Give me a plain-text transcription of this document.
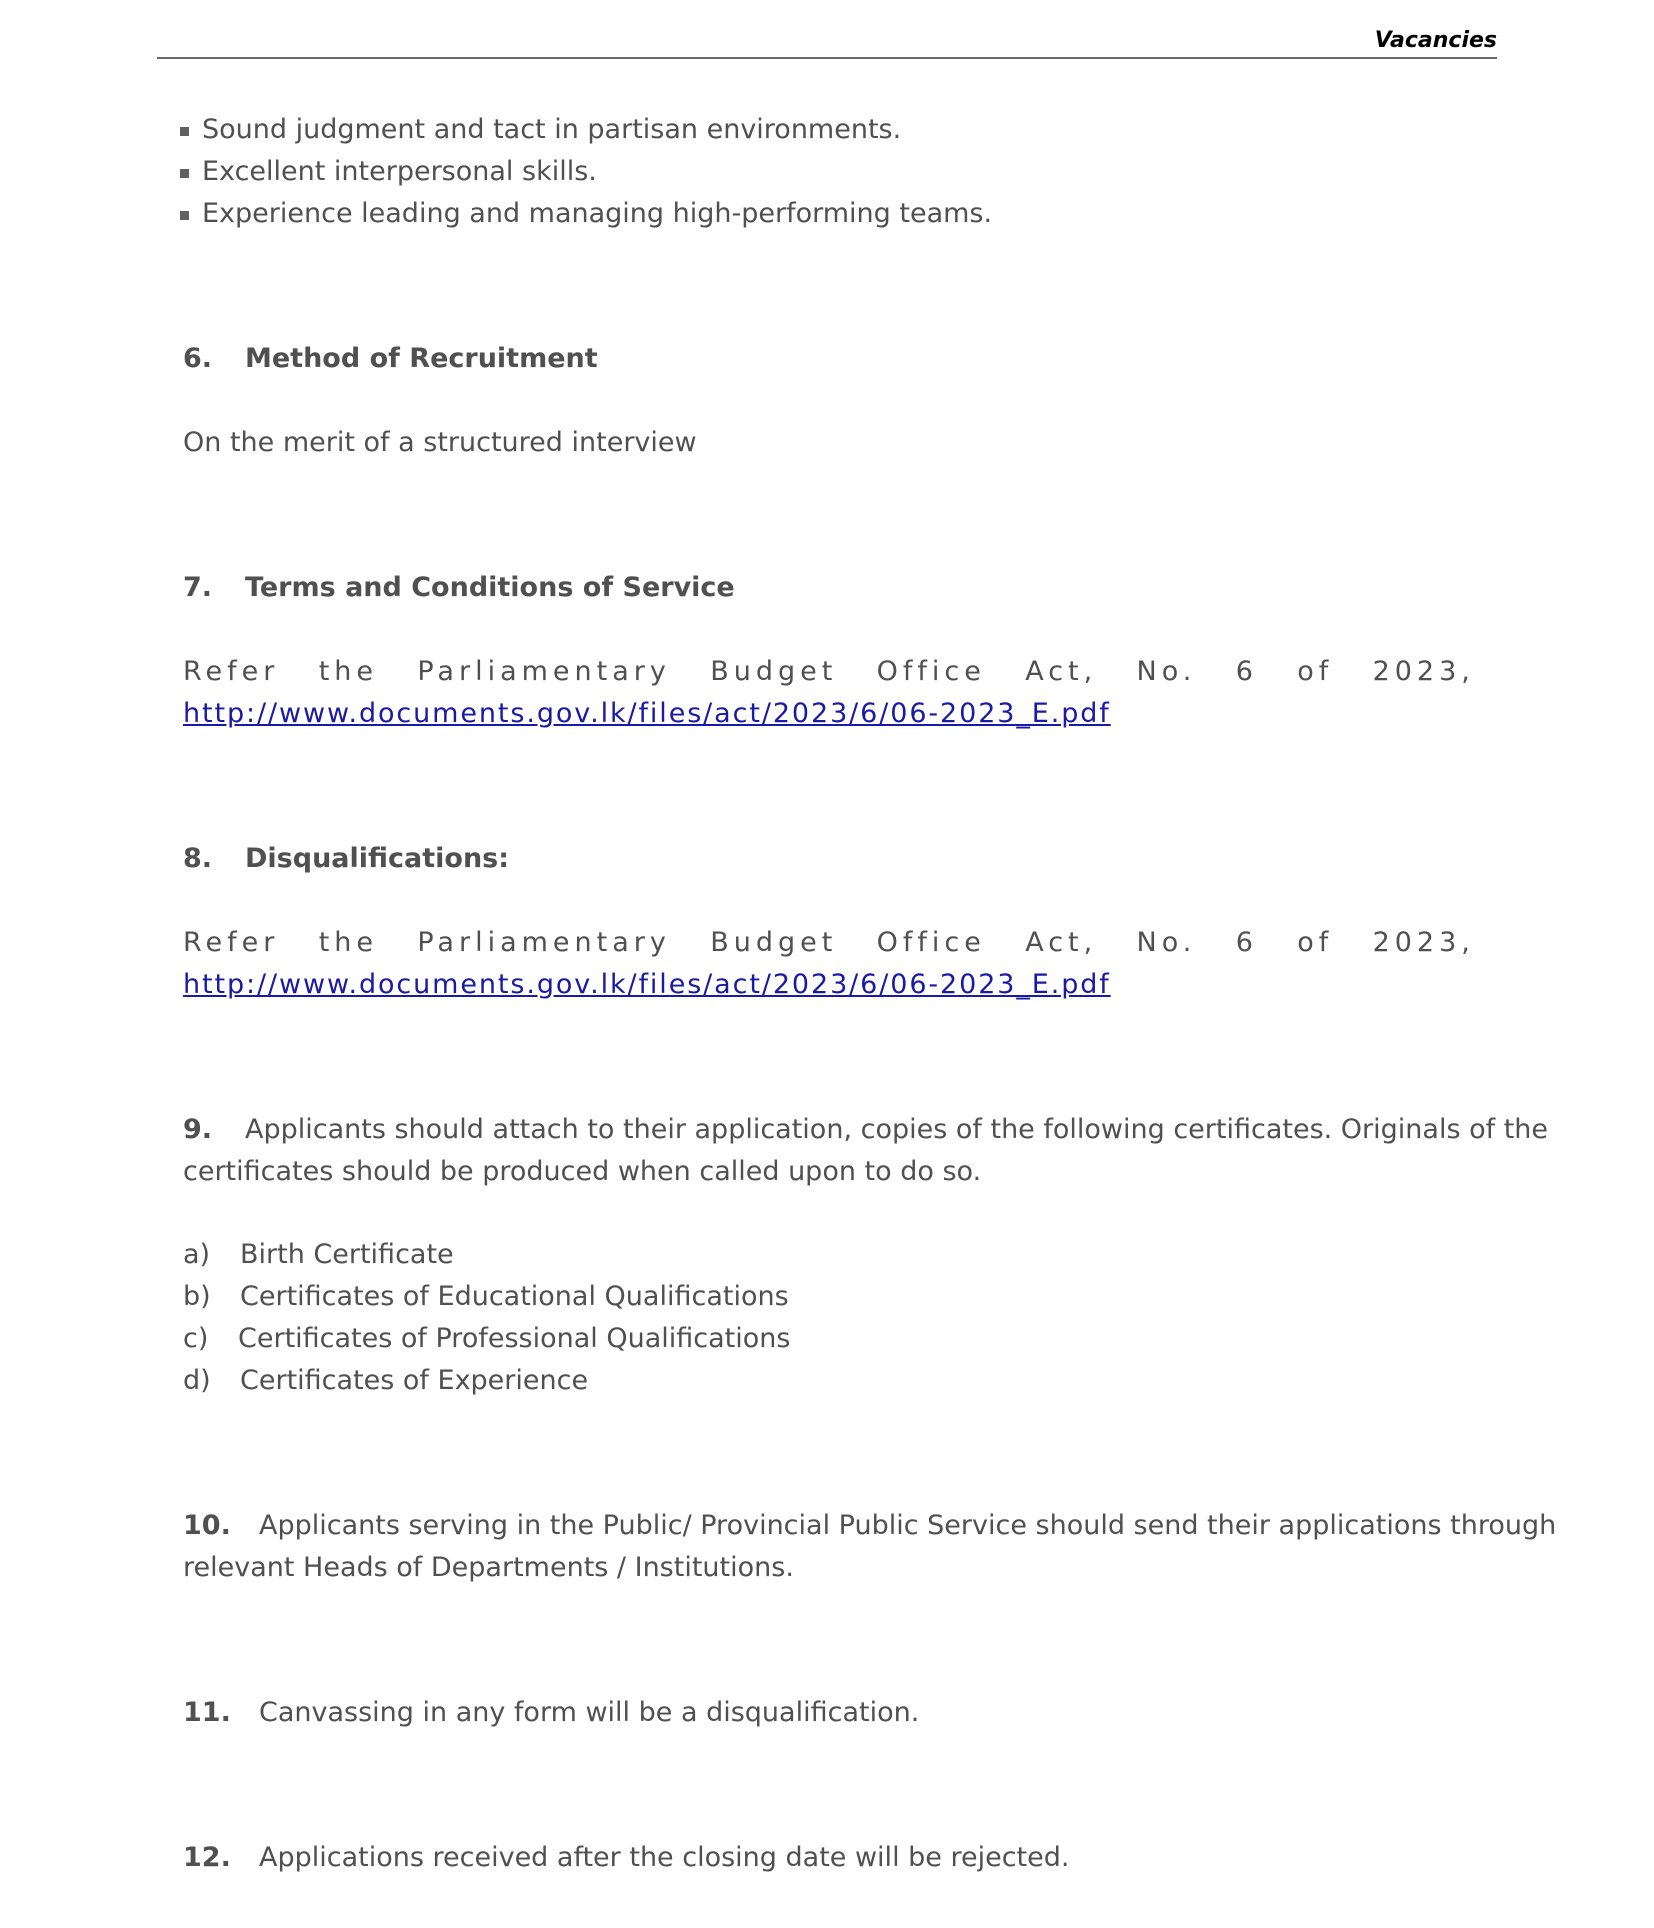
Vacancies
Sound judgment and tact in partisan environments.
Excellent interpersonal skills.
Experience leading and managing high-performing teams.
6.	Method of Recruitment
On the merit of a structured interview
7.	Terms and Conditions of Service
Refer the Parliamentary Budget Office Act, No. 6 of 2023,
http://www.documents.gov.lk/files/act/2023/6/06-2023_E.pdf
8.	Disqualifications:
Refer the Parliamentary Budget Office Act, No. 6 of 2023,
http://www.documents.gov.lk/files/act/2023/6/06-2023_E.pdf
9. Applicants should attach to their application, copies of the following certificates. Originals of the
certificates should be produced when called upon to do so.
a)	Birth Certificate
b)	Certificates of Educational Qualifications
c)	Certificates of Professional Qualifications
d)	Certificates of Experience
10. Applicants serving in the Public/ Provincial Public Service should send their applications through
relevant Heads of Departments / Institutions.
11. Canvassing in any form will be a disqualification.
12. Applications received after the closing date will be rejected.
